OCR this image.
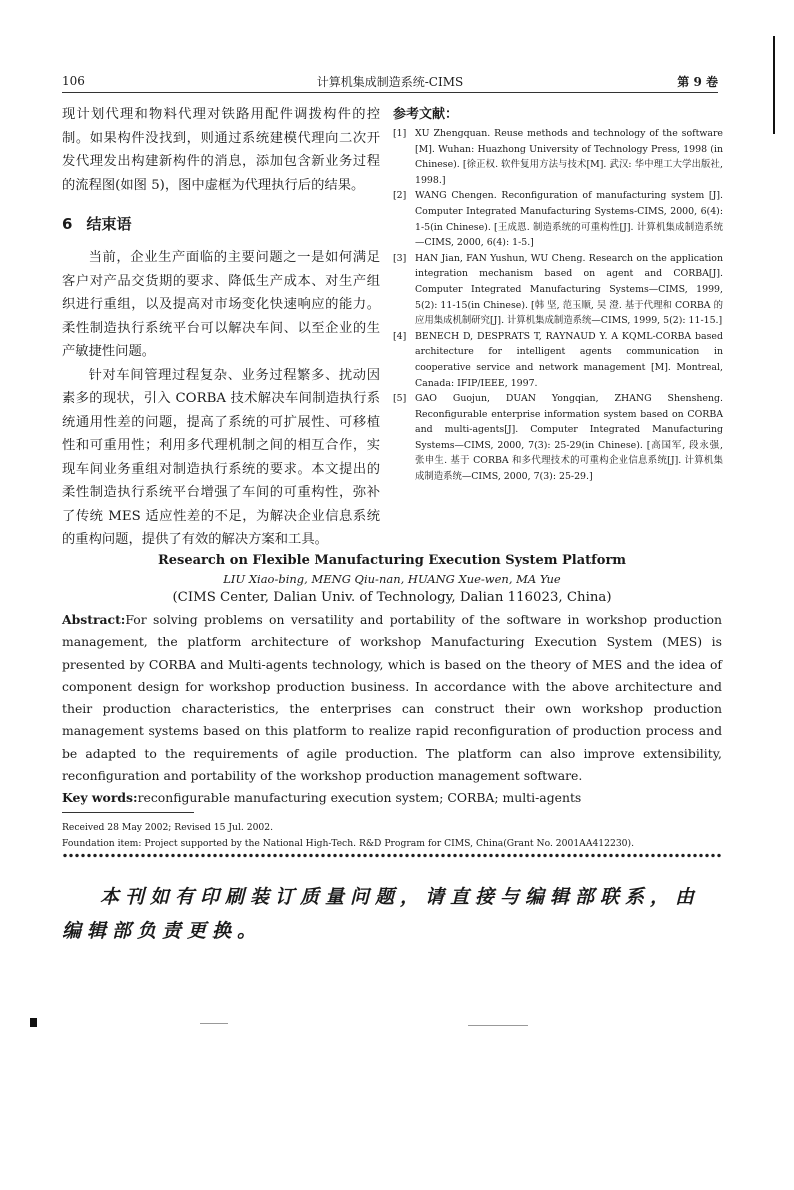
106	计算机集成制造系统-CIMS	第 9 卷

现计划代理和物料代理对铁路用配件调拨构件的控制。如果构件没找到，则通过系统建模代理向二次开发代理发出构建新构件的消息，添加包含新业务过程的流程图(如图 5)，图中虚框为代理执行后的结果。

6 结束语

当前，企业生产面临的主要问题之一是如何满足客户对产品交货期的要求、降低生产成本、对生产组织进行重组，以及提高对市场变化快速响应的能力。柔性制造执行系统平台可以解决车间、以至企业的生产敏捷性问题。

针对车间管理过程复杂、业务过程繁多、扰动因素多的现状，引入 CORBA 技术解决车间制造执行系统通用性差的问题，提高了系统的可扩展性、可移植性和可重用性；利用多代理机制之间的相互合作，实现车间业务重组对制造执行系统的要求。本文提出的柔性制造执行系统平台增强了车间的可重构性，弥补了传统 MES 适应性差的不足，为解决企业信息系统的重构问题，提供了有效的解决方案和工具。

参考文献：
[1] XU Zhengquan. Reuse methods and technology of the software [M]. Wuhan: Huazhong University of Technology Press, 1998 (in Chinese). [徐正权. 软件复用方法与技术[M]. 武汉: 华中理工大学出版社, 1998.]
[2] WANG Chengen. Reconfiguration of manufacturing system [J]. Computer Integrated Manufacturing Systems-CIMS, 2000, 6(4): 1-5(in Chinese). [王成恩. 制造系统的可重构性[J]. 计算机集成制造系统—CIMS, 2000, 6(4): 1-5.]
[3] HAN Jian, FAN Yushun, WU Cheng. Research on the application integration mechanism based on agent and CORBA[J]. Computer Integrated Manufacturing Systems—CIMS, 1999, 5(2): 11-15(in Chinese). [韩 坚, 范玉顺, 吴 澄. 基于代理和 CORBA 的应用集成机制研究[J]. 计算机集成制造系统—CIMS, 1999, 5(2): 11-15.]
[4] BENECH D, DESPRATS T, RAYNAUD Y. A KQML-CORBA based architecture for intelligent agents communication in cooperative service and network management [M]. Montreal, Canada: IFIP/IEEE, 1997.
[5] GAO Guojun, DUAN Yongqian, ZHANG Shensheng. Reconfigurable enterprise information system based on CORBA and multi-agents[J]. Computer Integrated Manufacturing Systems—CIMS, 2000, 7(3): 25-29(in Chinese). [高国军, 段永强, 张申生. 基于 CORBA 和多代理技术的可重构企业信息系统[J]. 计算机集成制造系统—CIMS, 2000, 7(3): 25-29.]
Research on Flexible Manufacturing Execution System Platform
LIU Xiao-bing, MENG Qiu-nan, HUANG Xue-wen, MA Yue
(CIMS Center, Dalian Univ. of Technology, Dalian 116023, China)

Abstract:For solving problems on versatility and portability of the software in workshop production management, the platform architecture of workshop Manufacturing Execution System (MES) is presented by CORBA and Multi-agents technology, which is based on the theory of MES and the idea of component design for workshop production business. In accordance with the above architecture and their production characteristics, the enterprises can construct their own workshop production management systems based on this platform to realize rapid reconfiguration of production process and be adapted to the requirements of agile production. The platform can also improve extensibility, reconfiguration and portability of the workshop production management software.

Key words:reconfigurable manufacturing execution system; CORBA; multi-agents

Received 28 May 2002; Revised 15 Jul. 2002.

Foundation item: Project supported by the National High-Tech. R&D Program for CIMS, China(Grant No. 2001AA412230).

本刊如有印刷装订质量问题，请直接与编辑部联系，由编辑部负责更换。
